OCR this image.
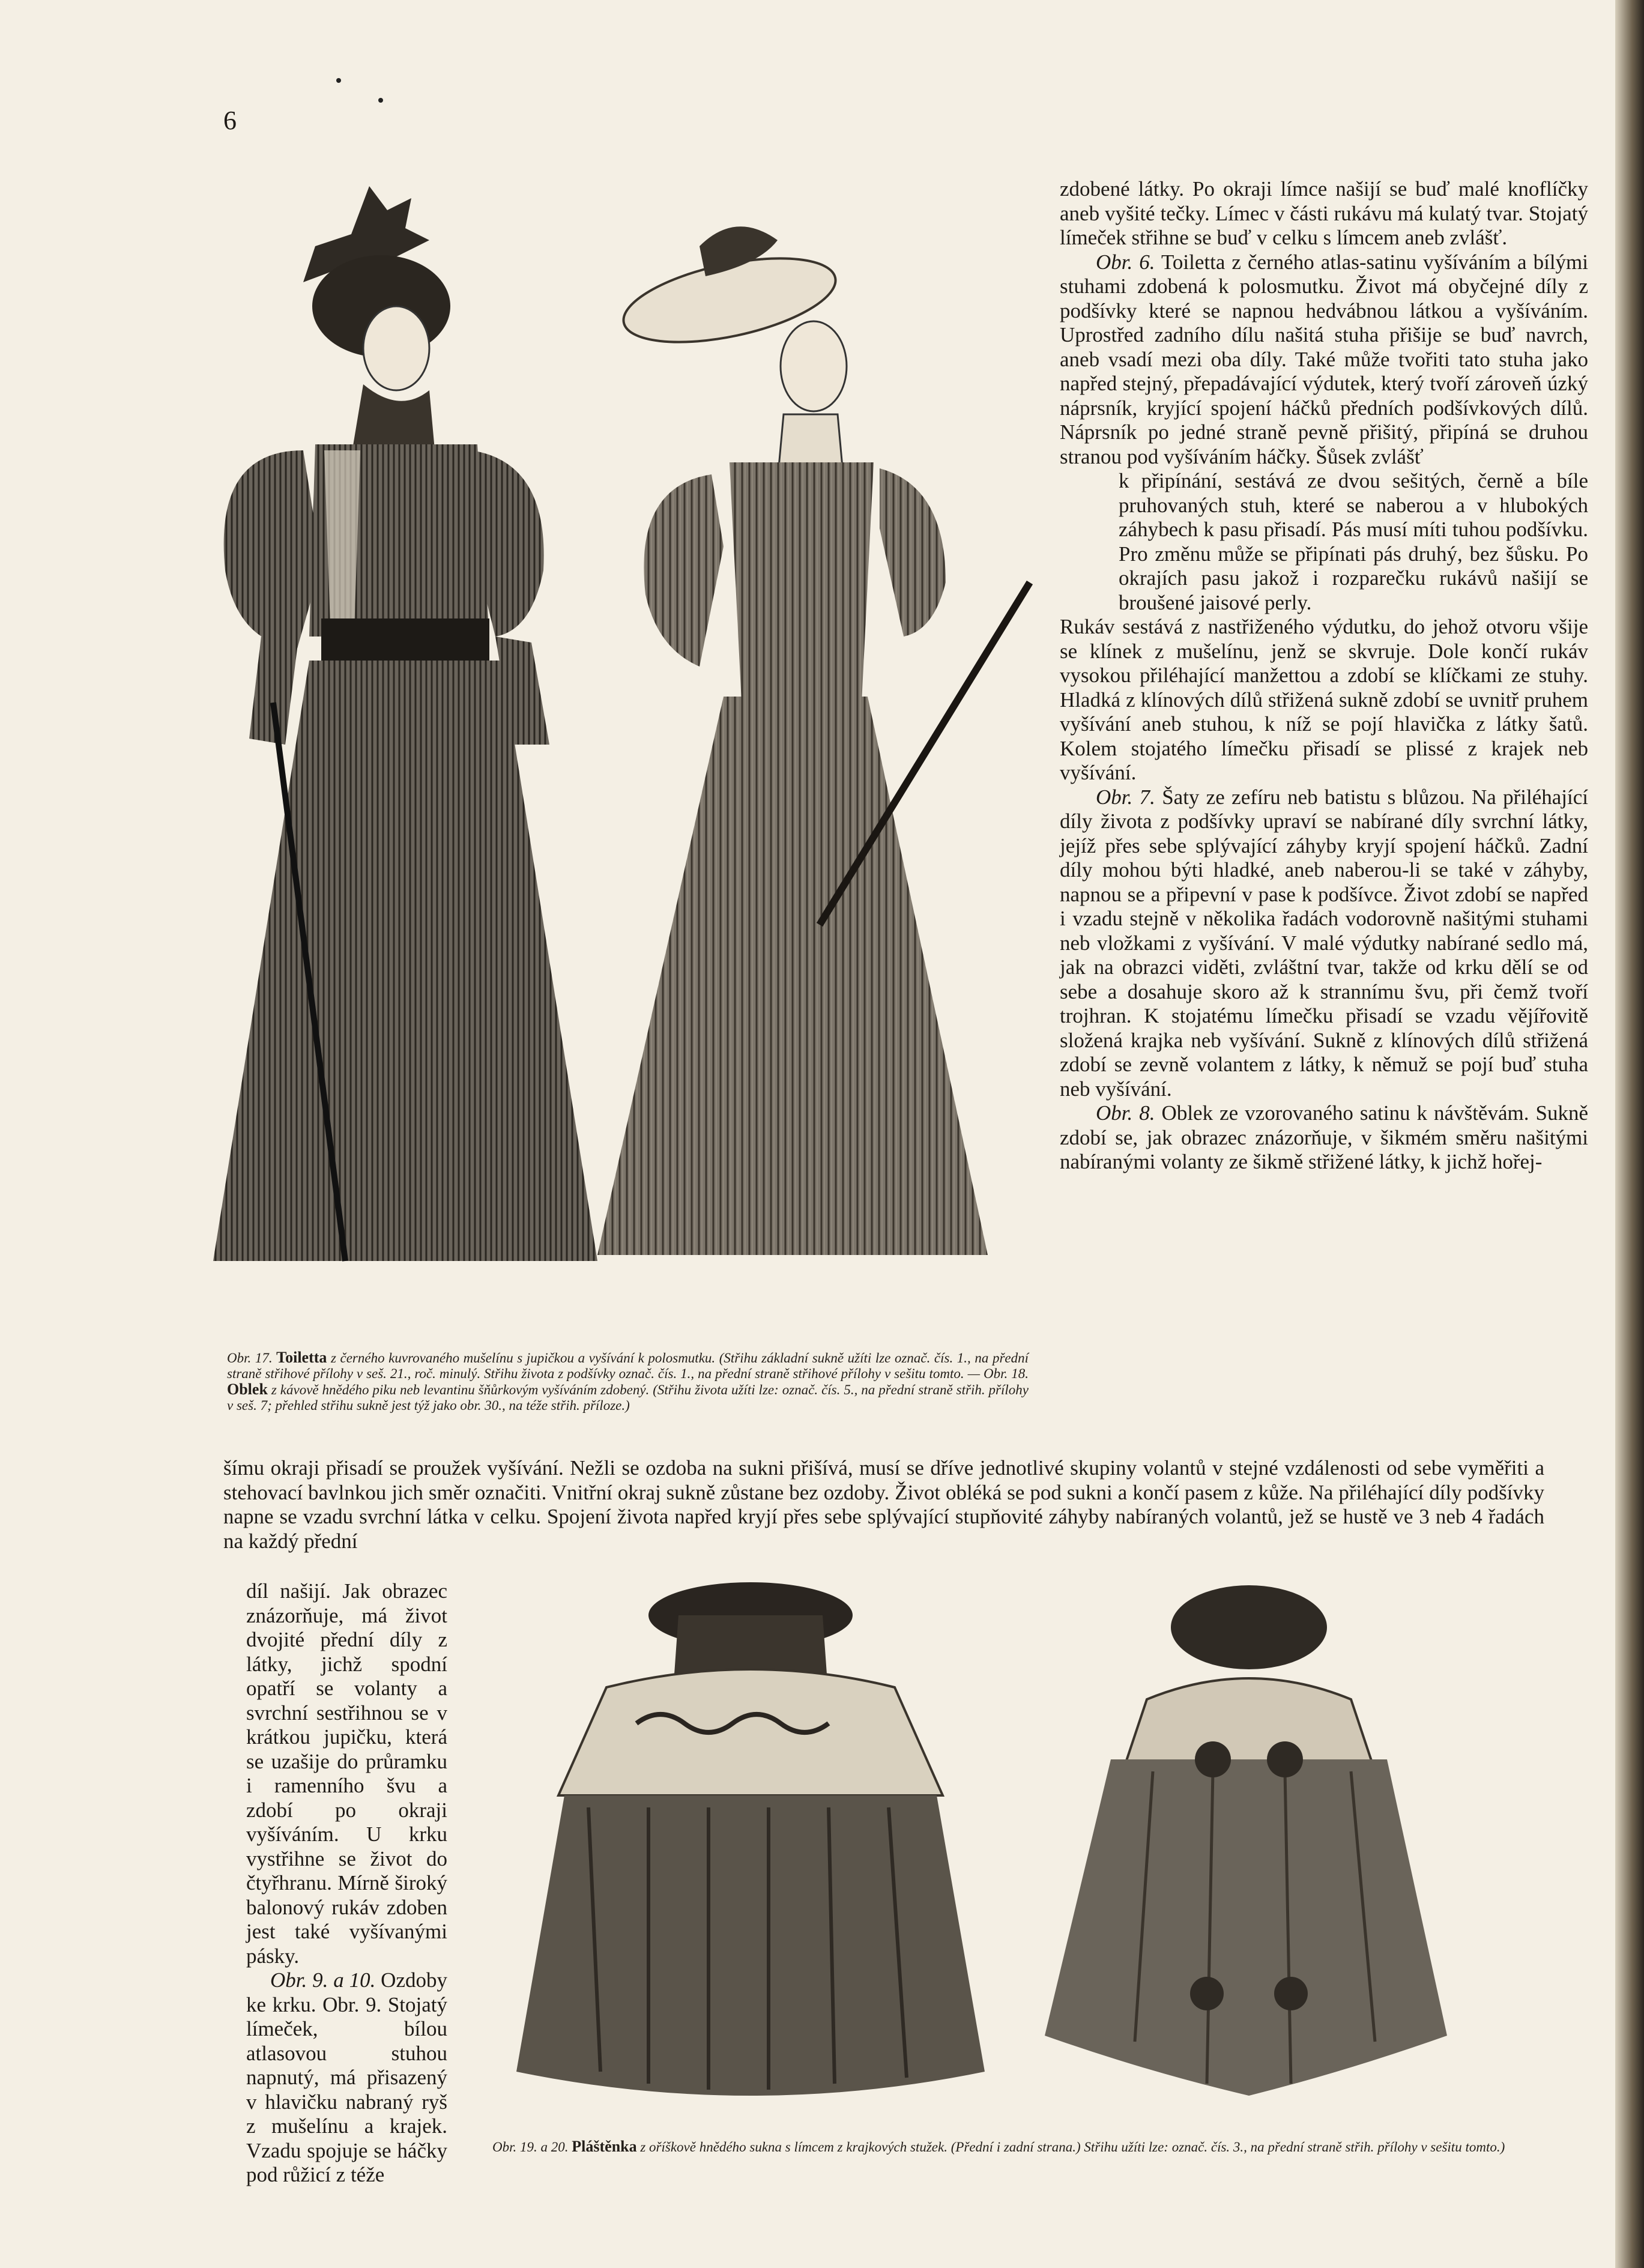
6
Obr. 17. Toiletta z černého kuvrovaného mušelínu s jupičkou a vyšívání k polosmutku. (Střihu základní sukně užíti lze označ. čís. 1., na přední straně střihové přílohy v seš. 21., roč. minulý. Střihu života z podšívky označ. čís. 1., na přední straně střihové přílohy v sešitu tomto. — Obr. 18. Oblek z kávově hnědého piku neb levantinu šňůrkovým vyšíváním zdobený. (Střihu života užíti lze: označ. čís. 5., na přední straně střih. přílohy v seš. 7; přehled střihu sukně jest týž jako obr. 30., na téže střih. příloze.)

zdobené látky. Po okraji límce našijí se buď malé knoflíčky aneb vyšité tečky. Límec v části rukávu má kulatý tvar. Stojatý límeček střihne se buď v celku s límcem aneb zvlášť.

Obr. 6. Toiletta z černého atlas-satinu vyšíváním a bílými stuhami zdobená k polosmutku. Život má obyčejné díly z podšívky které se napnou hedvábnou látkou a vyšíváním. Uprostřed zadního dílu našitá stuha přišije se buď navrch, aneb vsadí mezi oba díly. Také může tvořiti tato stuha jako napřed stejný, přepadávající výdutek, který tvoří zároveň úzký náprsník, kryjící spojení háčků předních podšívkových dílů. Náprsník po jedné straně pevně přišitý, připíná se druhou stranou pod vyšíváním háčky. Šůsek zvlášť

k připínání, sestává ze dvou sešitých, černě a bíle pruhovaných stuh, které se naberou a v hlubokých záhybech k pasu přisadí. Pás musí míti tuhou podšívku. Pro změnu může se připínati pás druhý, bez šůsku. Po okrajích pasu jakož i rozparečku rukávů našijí se broušené jaisové perly.

Rukáv sestává z nastřiženého výdutku, do jehož otvoru všije se klínek z mušelínu, jenž se skvruje. Dole končí rukáv vysokou přiléhající manžettou a zdobí se klíčkami ze stuhy. Hladká z klínových dílů střižená sukně zdobí se uvnitř pruhem vyšívání aneb stuhou, k níž se pojí hlavička z látky šatů. Kolem stojatého límečku přisadí se plissé z krajek neb vyšívání.

Obr. 7. Šaty ze zefíru neb batistu s blůzou. Na přiléhající díly života z podšívky upraví se nabírané díly svrchní látky, jejíž přes sebe splývající záhyby kryjí spojení háčků. Zadní díly mohou býti hladké, aneb naberou-li se také v záhyby, napnou se a připevní v pase k podšívce. Život zdobí se napřed i vzadu stejně v několika řadách vodorovně našitými stuhami neb vložkami z vyšívání. V malé výdutky nabírané sedlo má, jak na obrazci viděti, zvláštní tvar, takže od krku dělí se od sebe a dosahuje skoro až k strannímu švu, při čemž tvoří trojhran. K stojatému límečku přisadí se vzadu vějířovitě složená krajka neb vyšívání. Sukně z klínových dílů střižená zdobí se zevně volantem z látky, k němuž se pojí buď stuha neb vyšívání.

Obr. 8. Oblek ze vzorovaného satinu k návštěvám. Sukně zdobí se, jak obrazec znázorňuje, v šikmém směru našitými nabíranými volanty ze šikmě střižené látky, k jichž hořej-

šímu okraji přisadí se proužek vyšívání. Nežli se ozdoba na sukni přišívá, musí se dříve jednotlivé skupiny volantů v stejné vzdálenosti od sebe vyměřiti a stehovací bavlnkou jich směr označiti. Vnitřní okraj sukně zůstane bez ozdoby. Život obléká se pod sukni a končí pasem z kůže. Na přiléhající díly podšívky napne se vzadu svrchní látka v celku. Spojení života napřed kryjí přes sebe splývající stupňovité záhyby nabíraných volantů, jež se hustě ve 3 neb 4 řadách na každý přední

díl našijí. Jak obrazec znázorňuje, má život dvojité přední díly z látky, jichž spodní opatří se volanty a svrchní sestřihnou se v krátkou jupičku, která se uzašije do průramku i ramenního švu a zdobí po okraji vyšíváním. U krku vystřihne se život do čtyřhranu. Mírně široký balonový rukáv zdoben jest také vyšívanými pásky.

Obr. 9. a 10. Ozdoby ke krku. Obr. 9. Stojatý límeček, bílou atlasovou stuhou napnutý, má přisazený v hlavičku nabraný ryš z mušelínu a krajek. Vzadu spojuje se háčky pod růžicí z téže

Obr. 19. a 20. Pláštěnka z oříškově hnědého sukna s límcem z krajkových stužek. (Přední i zadní strana.) Střihu užíti lze: označ. čís. 3., na přední straně střih. přílohy v sešitu tomto.)
